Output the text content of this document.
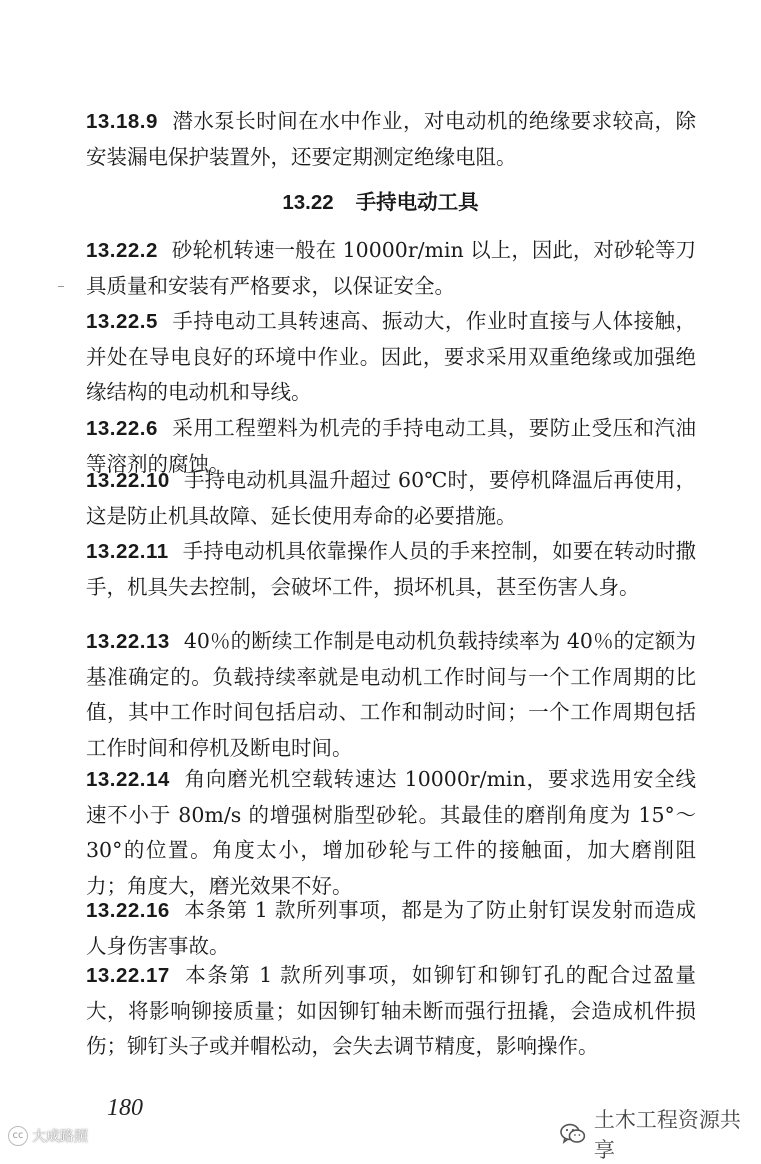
13.18.9 潜水泵长时间在水中作业，对电动机的绝缘要求较高，除安装漏电保护装置外，还要定期测定绝缘电阻。

13.22 手持电动工具

13.22.2 砂轮机转速一般在 10000r/min 以上，因此，对砂轮等刀具质量和安装有严格要求，以保证安全。

13.22.5 手持电动工具转速高、振动大，作业时直接与人体接触，并处在导电良好的环境中作业。因此，要求采用双重绝缘或加强绝缘结构的电动机和导线。

13.22.6 采用工程塑料为机壳的手持电动工具，要防止受压和汽油等溶剂的腐蚀。

13.22.10 手持电动机具温升超过 60℃时，要停机降温后再使用，这是防止机具故障、延长使用寿命的必要措施。

13.22.11 手持电动机具依靠操作人员的手来控制，如要在转动时撒手，机具失去控制，会破坏工件，损坏机具，甚至伤害人身。

13.22.13 40％的断续工作制是电动机负载持续率为 40％的定额为基准确定的。负载持续率就是电动机工作时间与一个工作周期的比值，其中工作时间包括启动、工作和制动时间；一个工作周期包括工作时间和停机及断电时间。

13.22.14 角向磨光机空载转速达 10000r/min，要求选用安全线速不小于 80m/s 的增强树脂型砂轮。其最佳的磨削角度为 15°～30°的位置。角度太小，增加砂轮与工件的接触面，加大磨削阻力；角度大，磨光效果不好。

13.22.16 本条第 1 款所列事项，都是为了防止射钉误发射而造成人身伤害事故。

13.22.17 本条第 1 款所列事项，如铆钉和铆钉孔的配合过盈量大，将影响铆接质量；如因铆钉轴未断而强行扭撬，会造成机件损伤；铆钉头子或并帽松动，会失去调节精度，影响操作。

180
cc 大成路照
土木工程资源共享
